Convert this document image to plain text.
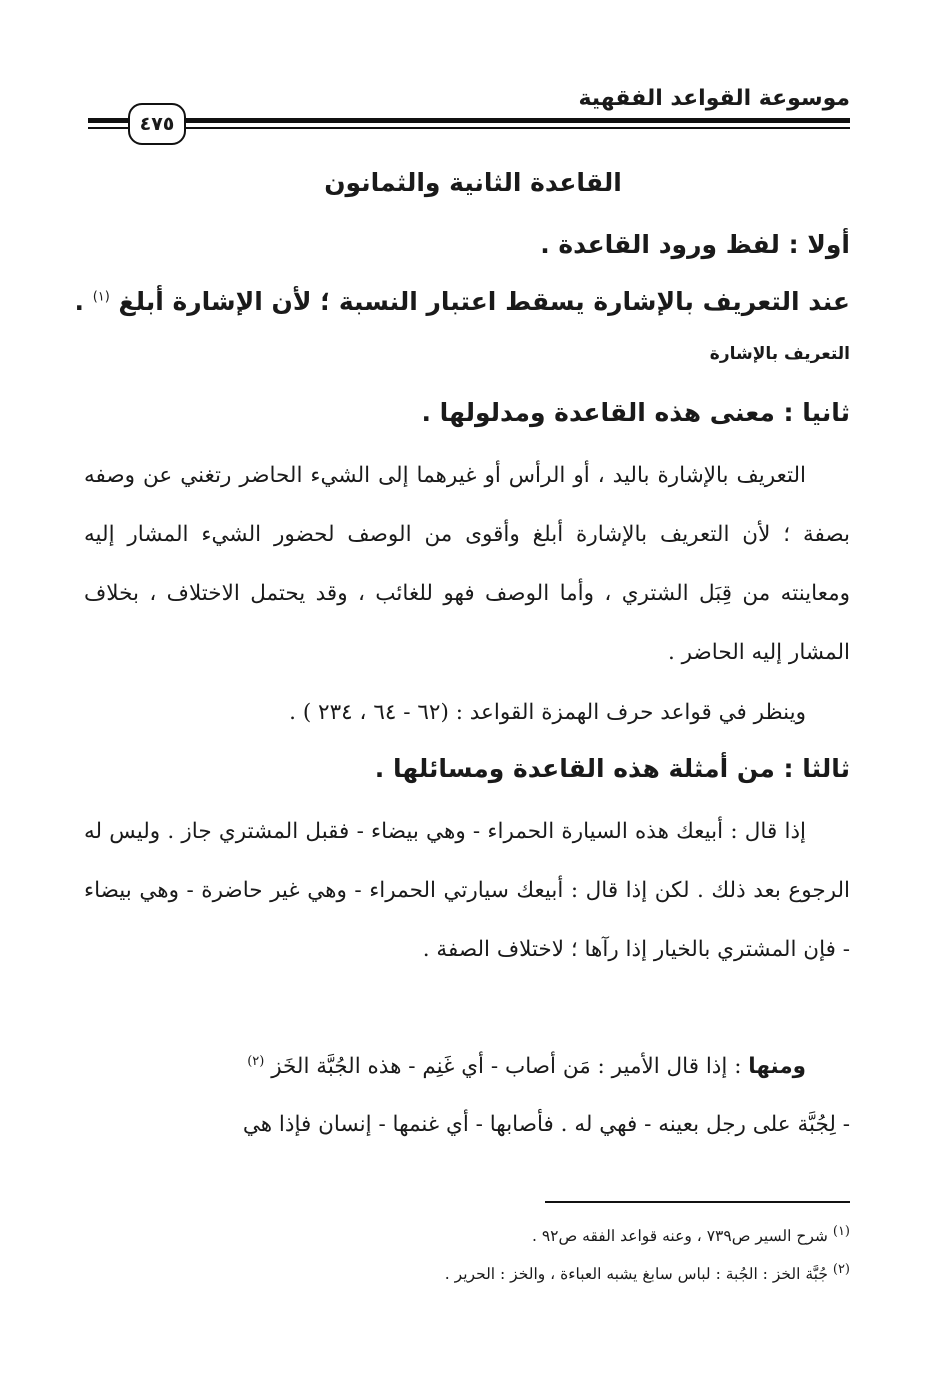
موسوعة القواعد الفقهية
٤٧٥
القاعدة الثانية والثمانون
أولا : لفظ ورود القاعدة .
عند التعريف بالإشارة يسقط اعتبار النسبة ؛ لأن الإشارة أبلغ $^{(١)}$ .
التعريف بالإشارة
ثانيا : معنى هذه القاعدة ومدلولها .
التعريف بالإشارة باليد ، أو الرأس أو غيرهما إلى الشيء الحاضر رتغني عن وصفه بصفة ؛ لأن التعريف بالإشارة أبلغ وأقوى من الوصف لحضور الشيء المشار إليه ومعاينته من قِبَل الشتري ، وأما الوصف فهو للغائب ، وقد يحتمل الاختلاف ، بخلاف المشار إليه الحاضر .
وينظر في قواعد حرف الهمزة القواعد : (٦٢ - ٦٤ ، ٢٣٤ ) .
ثالثا : من أمثلة هذه القاعدة ومسائلها .
إذا قال : أبيعك هذه السيارة الحمراء - وهي بيضاء - فقبل المشتري جاز . وليس له الرجوع بعد ذلك . لكن إذا قال : أبيعك سيارتي الحمراء - وهي غير حاضرة - وهي بيضاء - فإن المشتري بالخيار إذا رآها ؛ لاختلاف الصفة .
ومنها : إذا قال الأمير : مَن أصاب - أي غَنِم - هذه الجُبَّة الخَز $^{(٢)}$
- لِجُبَّة على رجل بعينه - فهي له . فأصابها - أي غنمها - إنسان فإذا هي
$^{(١)}$ شرح السير ص٧٣٩ ، وعنه قواعد الفقه ص٩٢ .
$^{(٢)}$ جُبَّة الخز : الجُبة : لباس سابغ يشبه العباءة ، والخز : الحرير .
